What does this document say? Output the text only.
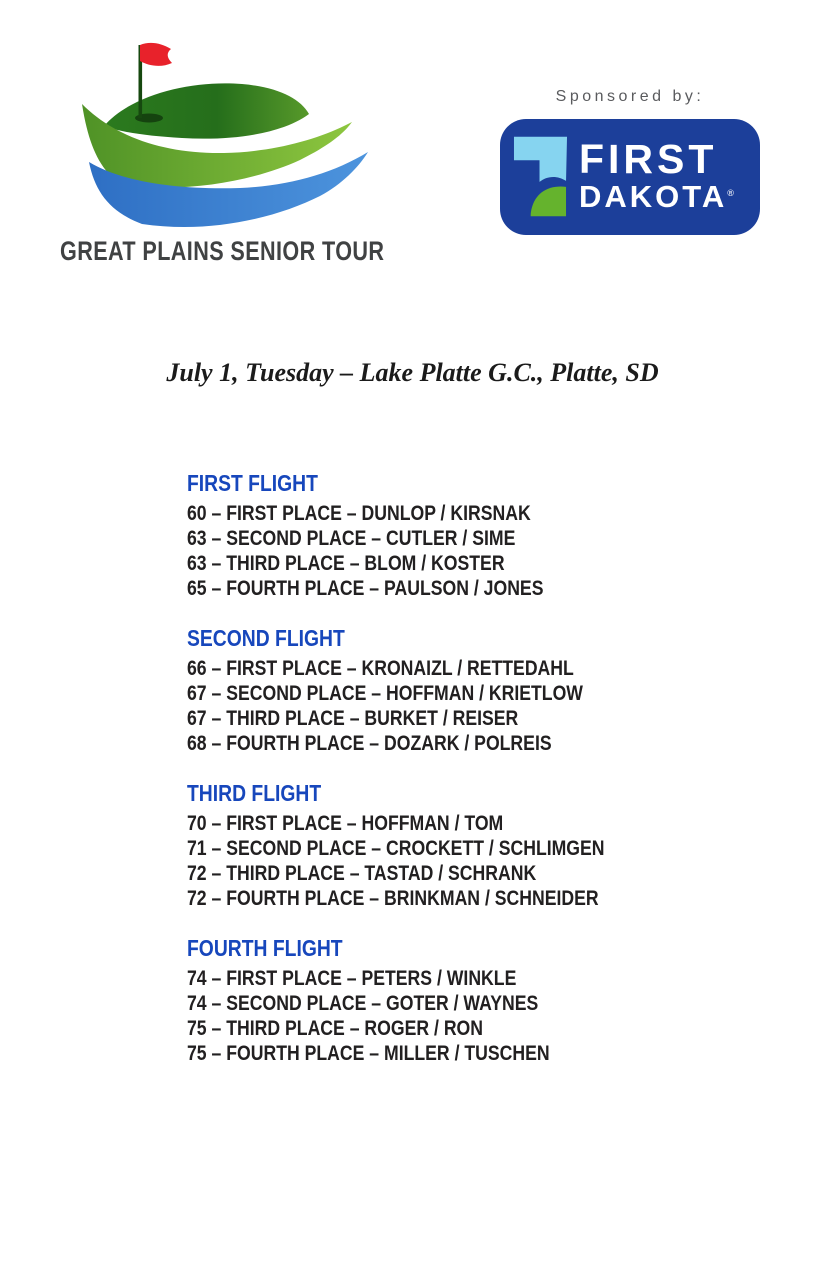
GREAT PLAINS SENIOR TOUR

Sponsored by:

FIRST
DAKOTA®
July 1, Tuesday – Lake Platte G.C., Platte, SD
FIRST FLIGHT

60 – FIRST PLACE – DUNLOP / KIRSNAK

63 – SECOND PLACE – CUTLER / SIME

63 – THIRD PLACE – BLOM / KOSTER

65 – FOURTH PLACE – PAULSON / JONES

SECOND FLIGHT

66 – FIRST PLACE – KRONAIZL / RETTEDAHL

67 – SECOND PLACE – HOFFMAN / KRIETLOW

67 – THIRD PLACE – BURKET / REISER

68 – FOURTH PLACE – DOZARK / POLREIS

THIRD FLIGHT

70 – FIRST PLACE – HOFFMAN / TOM

71 – SECOND PLACE – CROCKETT / SCHLIMGEN

72 – THIRD PLACE – TASTAD / SCHRANK

72 – FOURTH PLACE – BRINKMAN / SCHNEIDER

FOURTH FLIGHT

74 – FIRST PLACE – PETERS / WINKLE

74 – SECOND PLACE – GOTER / WAYNES

75 – THIRD PLACE – ROGER / RON

75 – FOURTH PLACE – MILLER / TUSCHEN
